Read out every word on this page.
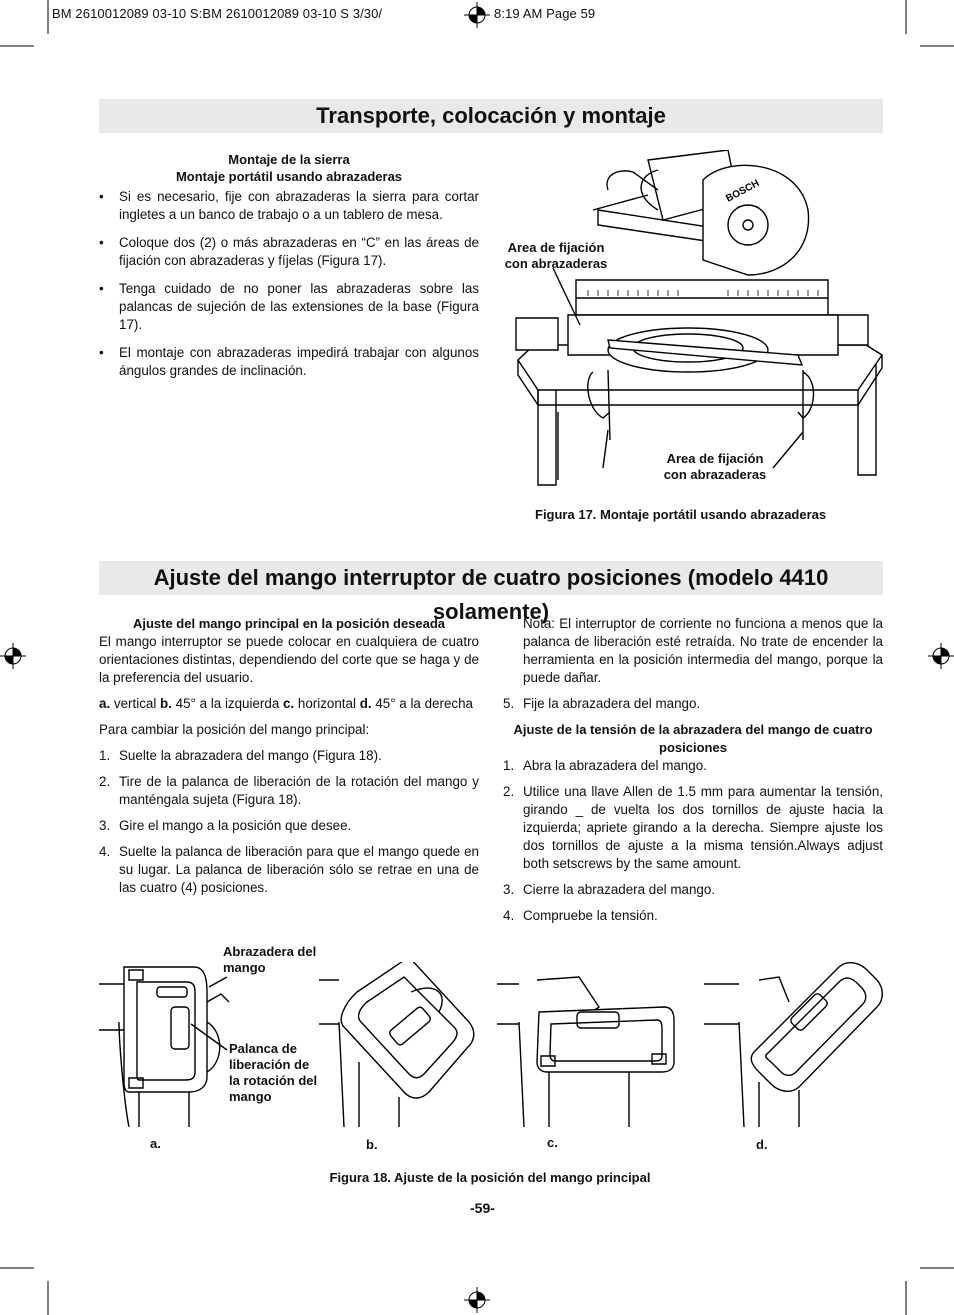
BM 2610012089 03-10 S:BM 2610012089 03-10 S 3/30/	8:19 AM Page 59
Transporte, colocación y montaje
Montaje de la sierra
Montaje portátil usando abrazaderas
• Si es necesario, fije con abrazaderas la sierra para cortar ingletes a un banco de trabajo o a un tablero de mesa.
• Coloque dos (2) o más abrazaderas en “C” en las áreas de fijación con abrazaderas y fíjelas (Figura 17).
• Tenga cuidado de no poner las abrazaderas sobre las palancas de sujeción de las extensiones de la base (Figura 17).
• El montaje con abrazaderas impedirá trabajar con algunos ángulos grandes de inclinación.
BOSCH
Area de fijación con abrazaderas
Area de fijación con abrazaderas
Figura 17. Montaje portátil usando abrazaderas
Ajuste del mango interruptor de cuatro posiciones (modelo 4410 solamente)
Ajuste del mango principal en la posición deseada
El mango interruptor se puede colocar en cualquiera de cuatro orientaciones distintas, dependiendo del corte que se haga y de la preferencia del usuario.
a. vertical b. 45° a la izquierda c. horizontal d. 45° a la derecha
Para cambiar la posición del mango principal:
1. Suelte la abrazadera del mango (Figura 18).
2. Tire de la palanca de liberación de la rotación del mango y manténgala sujeta (Figura 18).
3. Gire el mango a la posición que desee.
4. Suelte la palanca de liberación para que el mango quede en su lugar. La palanca de liberación sólo se retrae en una de las cuatro (4) posiciones.
Nota: El interruptor de corriente no funciona a menos que la palanca de liberación esté retraída. No trate de encender la herramienta en la posición intermedia del mango, porque la puede dañar.
5. Fije la abrazadera del mango.
Ajuste de la tensión de la abrazadera del mango de cuatro posiciones
1. Abra la abrazadera del mango.
2. Utilice una llave Allen de 1.5 mm para aumentar la tensión, girando _ de vuelta los dos tornillos de ajuste hacia la izquierda; apriete girando a la derecha. Siempre ajuste los dos tornillos de ajuste a la misma tensión.Always adjust both setscrews by the same amount.
3. Cierre la abrazadera del mango.
4. Compruebe la tensión.
Abrazadera del mango
Palanca de liberación de la rotación del mango
a.	b.	c.	d.
Figura 18. Ajuste de la posición del mango principal
-59-
